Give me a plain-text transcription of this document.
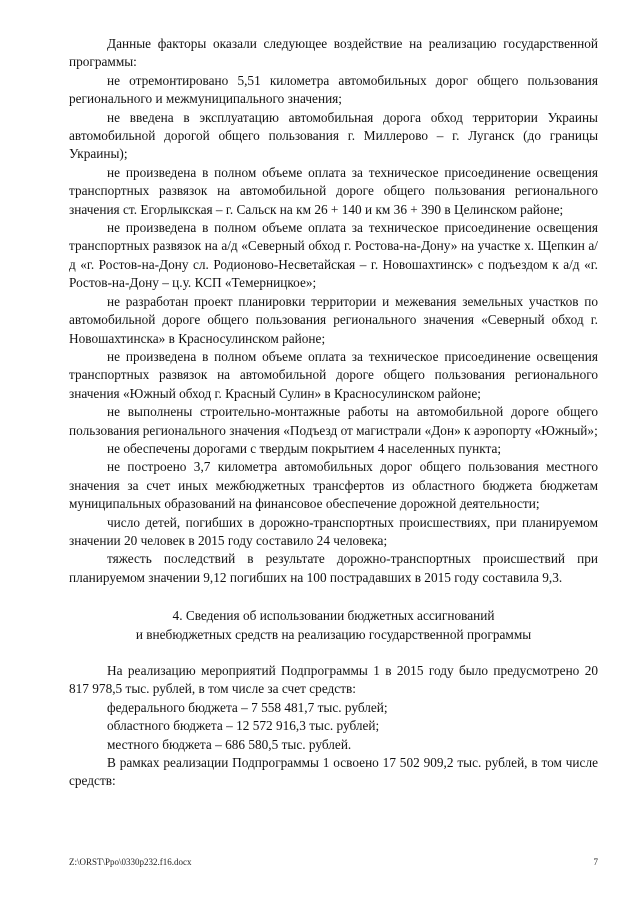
Данные факторы оказали следующее воздействие на реализацию государственной программы:

не отремонтировано 5,51 километра автомобильных дорог общего пользования регионального и межмуниципального значения;

не введена в эксплуатацию автомобильная дорога обход территории Украины автомобильной дорогой общего пользования г. Миллерово – г. Луганск (до границы Украины);

не произведена в полном объеме оплата за техническое присоединение освещения транспортных развязок на автомобильной дороге общего пользования регионального значения ст. Егорлыкская – г. Сальск на км 26 + 140 и км 36 + 390 в Целинском районе;

не произведена в полном объеме оплата за техническое присоединение освещения транспортных развязок на а/д «Северный обход г. Ростова-на-Дону» на участке х. Щепкин а/д «г. Ростов-на-Дону сл. Родионово-Несветайская – г. Новошахтинск» с подъездом к а/д «г. Ростов-на-Дону – ц.у. КСП «Темерницкое»;

не разработан проект планировки территории и межевания земельных участков по автомобильной дороге общего пользования регионального значения «Северный обход г. Новошахтинска» в Красносулинском районе;

не произведена в полном объеме оплата за техническое присоединение освещения транспортных развязок на автомобильной дороге общего пользования регионального значения «Южный обход г. Красный Сулин» в Красносулинском районе;

не выполнены строительно-монтажные работы на автомобильной дороге общего пользования регионального значения «Подъезд от магистрали «Дон» к аэропорту «Южный»;

не обеспечены дорогами с твердым покрытием 4 населенных пункта;

не построено 3,7 километра автомобильных дорог общего пользования местного значения за счет иных межбюджетных трансфертов из областного бюджета бюджетам муниципальных образований на финансовое обеспечение дорожной деятельности;

число детей, погибших в дорожно-транспортных происшествиях, при планируемом значении 20 человек в 2015 году составило 24 человека;

тяжесть последствий в результате дорожно-транспортных происшествий при планируемом значении 9,12 погибших на 100 пострадавших в 2015 году составила 9,3.

4. Сведения об использовании бюджетных ассигнований

и внебюджетных средств на реализацию государственной программы

На реализацию мероприятий Подпрограммы 1 в 2015 году было предусмотрено 20 817 978,5 тыс. рублей, в том числе за счет средств:

федерального бюджета – 7 558 481,7 тыс. рублей;

областного бюджета – 12 572 916,3 тыс. рублей;

местного бюджета – 686 580,5 тыс. рублей.

В рамках реализации Подпрограммы 1 освоено 17 502 909,2 тыс. рублей, в том числе средств:

Z:\ORST\Ppo\0330p232.f16.docx	7
